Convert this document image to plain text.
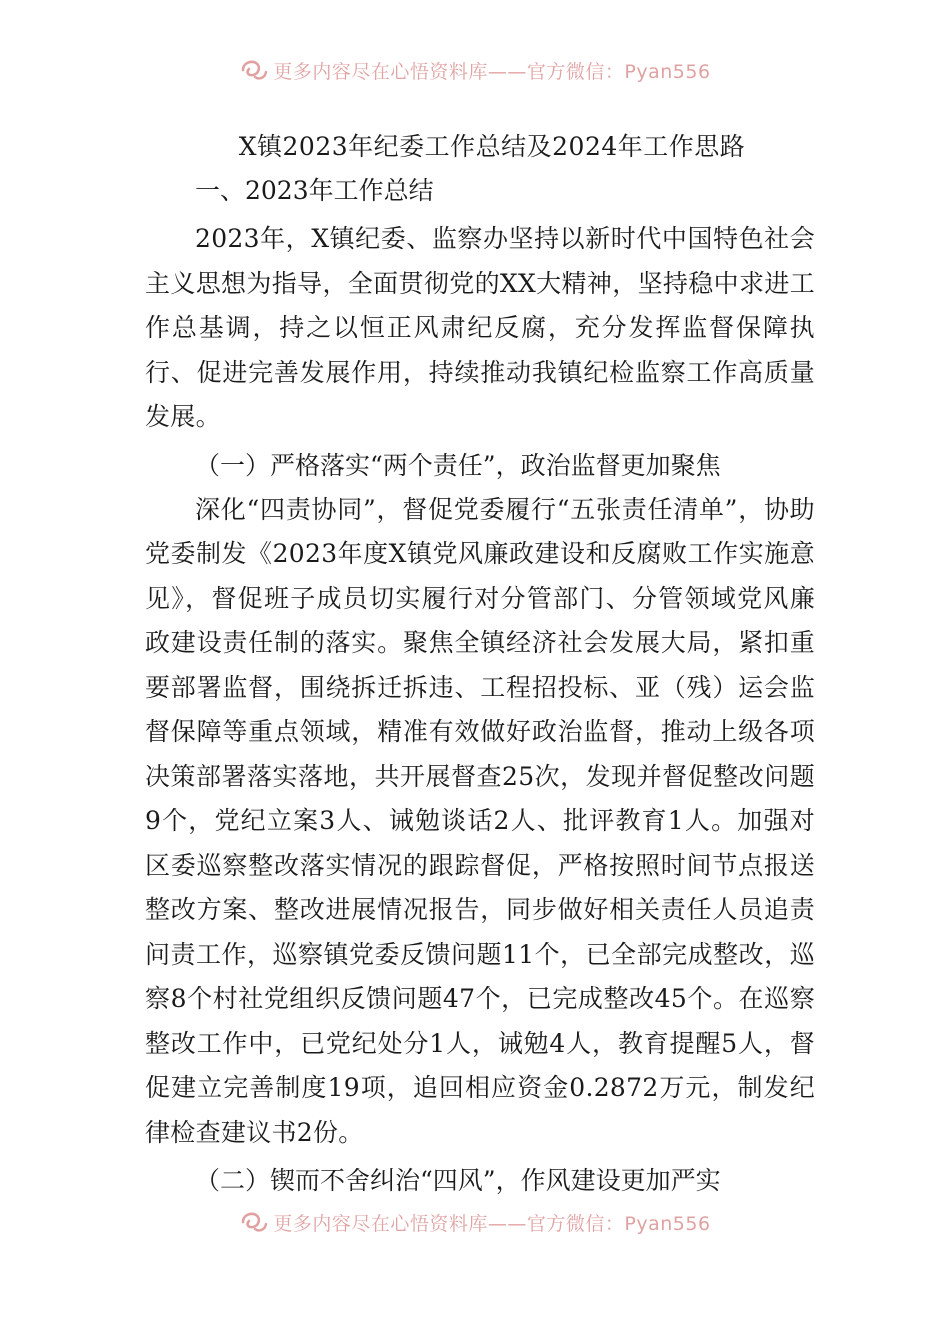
更多内容尽在心悟资料库——官方微信：Pyan556
X镇2023年纪委工作总结及2024年工作思路
一、2023年工作总结

2023年，X镇纪委、监察办坚持以新时代中国特色社会主义思想为指导，全面贯彻党的XX大精神，坚持稳中求进工作总基调，持之以恒正风肃纪反腐，充分发挥监督保障执行、促进完善发展作用，持续推动我镇纪检监察工作高质量发展。

（一）严格落实“两个责任”，政治监督更加聚焦

深化“四责协同”，督促党委履行“五张责任清单”，协助党委制发《2023年度X镇党风廉政建设和反腐败工作实施意见》，督促班子成员切实履行对分管部门、分管领域党风廉政建设责任制的落实。聚焦全镇经济社会发展大局，紧扣重要部署监督，围绕拆迁拆违、工程招投标、亚（残）运会监督保障等重点领域，精准有效做好政治监督，推动上级各项决策部署落实落地，共开展督查25次，发现并督促整改问题9个，党纪立案3人、诫勉谈话2人、批评教育1人。加强对区委巡察整改落实情况的跟踪督促，严格按照时间节点报送整改方案、整改进展情况报告，同步做好相关责任人员追责问责工作，巡察镇党委反馈问题11个，已全部完成整改，巡察8个村社党组织反馈问题47个，已完成整改45个。在巡察整改工作中，已党纪处分1人，诫勉4人，教育提醒5人，督促建立完善制度19项，追回相应资金0.2872万元，制发纪律检查建议书2份。

（二）锲而不舍纠治“四风”，作风建设更加严实
更多内容尽在心悟资料库——官方微信：Pyan556
